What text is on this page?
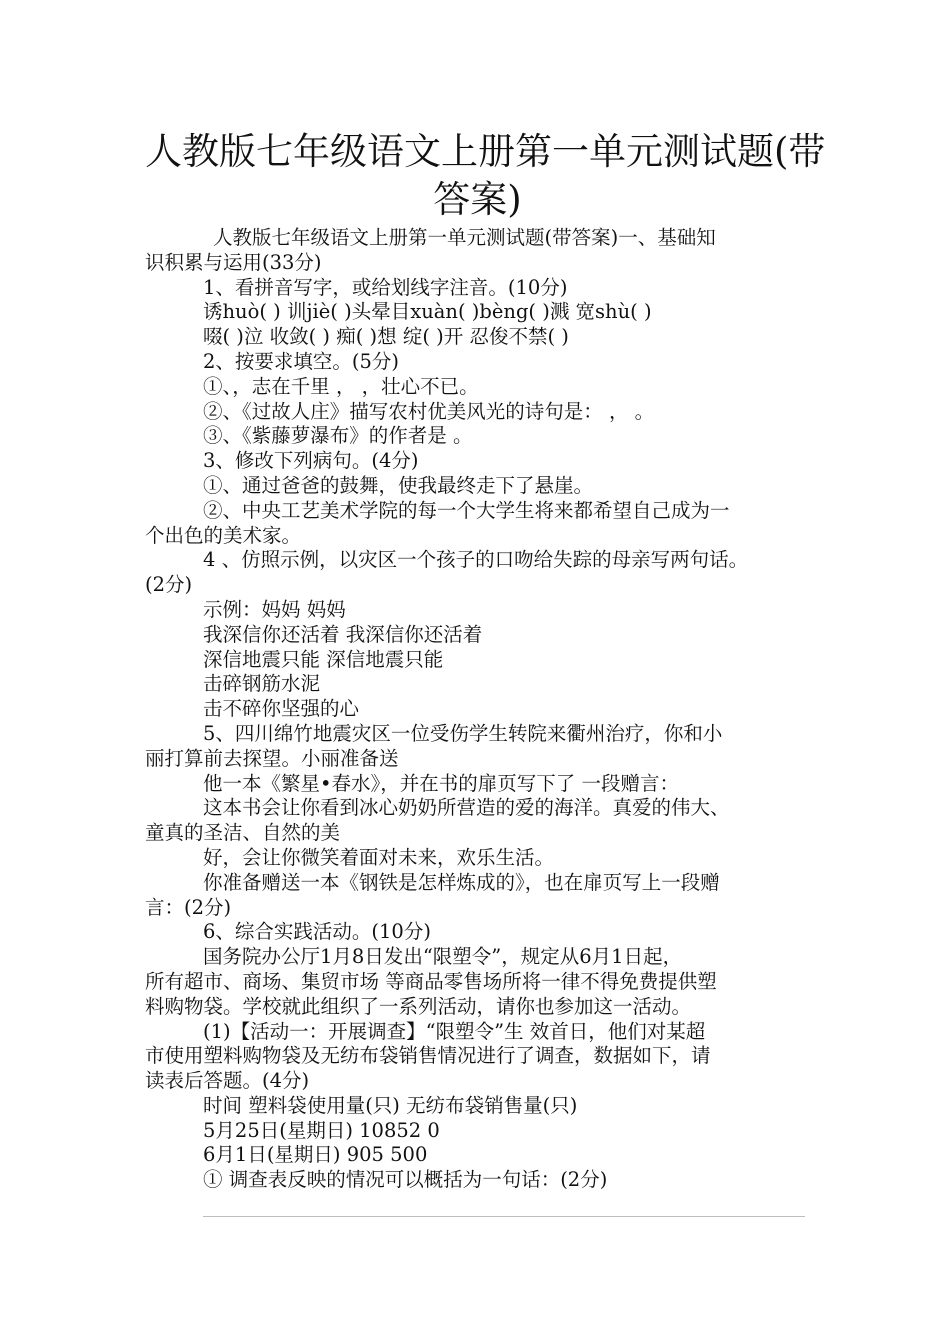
人教版七年级语文上册第一单元测试题(带
答案)
人教版七年级语文上册第一单元测试题(带答案)一、基础知
识积累与运用(33分)
1、看拼音写字，或给划线字注音。(10分)
诱huò( ) 训jiè( )头晕目xuàn( )bèng( )溅 宽shù( )
啜( )泣 收敛( ) 痴( )想 绽( )开 忍俊不禁( )
2、按要求填空。(5分)
①、，志在千里 ， ，壮心不已。
②、《过故人庄》描写农村优美风光的诗句是： ， 。
③、《紫藤萝瀑布》的作者是 。
3、修改下列病句。(4分)
①、通过爸爸的鼓舞，使我最终走下了悬崖。
②、中央工艺美术学院的每一个大学生将来都希望自己成为一
个出色的美术家。
4 、仿照示例，以灾区一个孩子的口吻给失踪的母亲写两句话。
(2分)
示例：妈妈 妈妈
我深信你还活着 我深信你还活着
深信地震只能 深信地震只能
击碎钢筋水泥
击不碎你坚强的心
5、四川绵竹地震灾区一位受伤学生转院来衢州治疗，你和小
丽打算前去探望。小丽准备送
他一本《繁星•春水》，并在书的扉页写下了 一段赠言：
这本书会让你看到冰心奶奶所营造的爱的海洋。真爱的伟大、
童真的圣洁、自然的美
好，会让你微笑着面对未来，欢乐生活。
你准备赠送一本《钢铁是怎样炼成的》，也在扉页写上一段赠
言：(2分)
6、综合实践活动。(10分)
国务院办公厅1月8日发出“限塑令”，规定从6月1日起，
所有超市、商场、集贸市场 等商品零售场所将一律不得免费提供塑
料购物袋。学校就此组织了一系列活动，请你也参加这一活动。
(1)【活动一：开展调查】“限塑令”生 效首日，他们对某超
市使用塑料购物袋及无纺布袋销售情况进行了调查，数据如下，请
读表后答题。(4分)
时间 塑料袋使用量(只) 无纺布袋销售量(只)
5月25日(星期日) 10852 0
6月1日(星期日) 905 500
① 调查表反映的情况可以概括为一句话：(2分)
